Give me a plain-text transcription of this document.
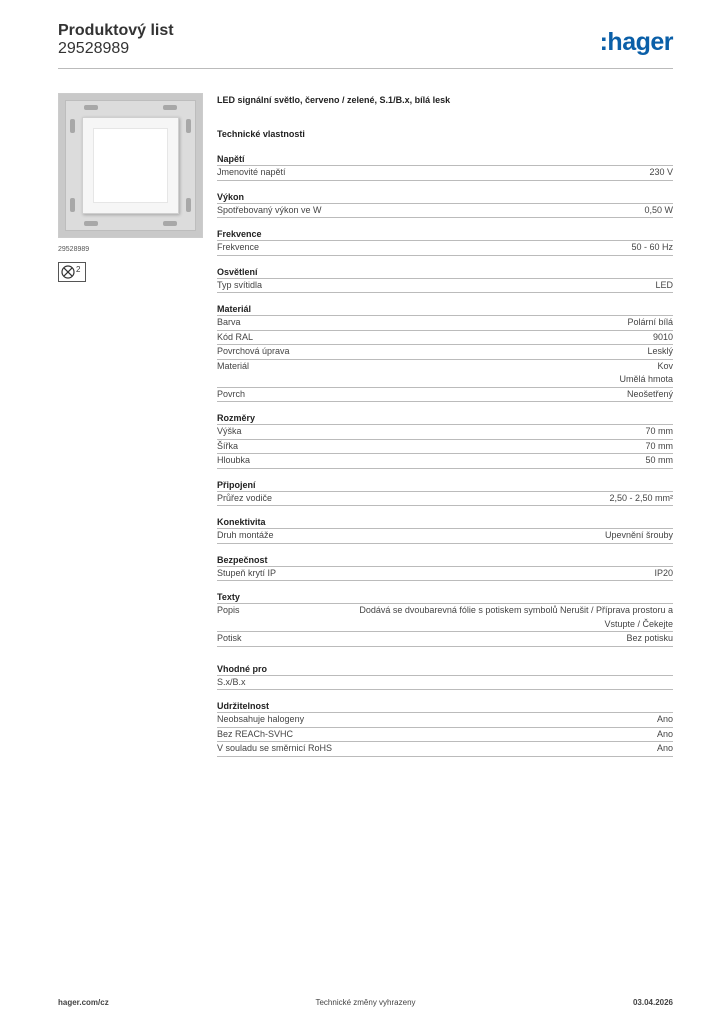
Produktový list
29528989	:hager
29528989
2
LED signální světlo, červeno / zelené, S.1/B.x, bílá lesk
Technické vlastnosti
Napětí
Jmenovité napětí	230 V
Výkon
Spotřebovaný výkon ve W	0,50 W
Frekvence
Frekvence	50 - 60 Hz
Osvětlení
Typ svítidla	LED
Materiál
Barva	Polární bílá
Kód RAL	9010
Povrchová úprava	Lesklý
Materiál	Kov
Umělá hmota
Povrch	Neošetřený
Rozměry
Výška	70 mm
Šířka	70 mm
Hloubka	50 mm
Připojení
Průřez vodiče	2,50 - 2,50 mm²
Konektivita
Druh montáže	Upevnění šrouby
Bezpečnost
Stupeň krytí IP	IP20
Texty
Popis	Dodává se dvoubarevná fólie s potiskem symbolů Nerušit / Příprava prostoru a
Vstupte / Čekejte
Potisk	Bez potisku
Vhodné pro
S.x/B.x
Udržitelnost
Neobsahuje halogeny	Ano
Bez REACh-SVHC	Ano
V souladu se směrnicí RoHS	Ano
hager.com/cz	Technické změny vyhrazeny	03.04.2026
